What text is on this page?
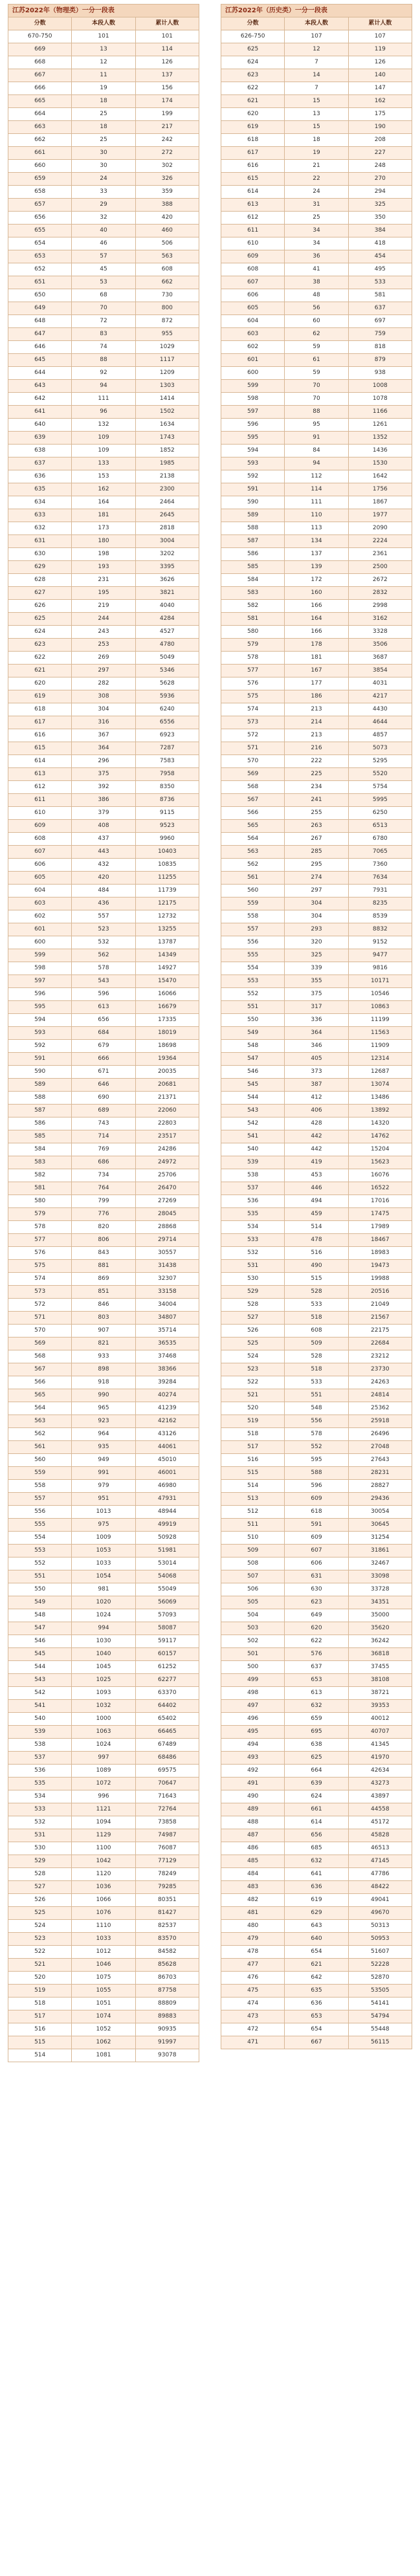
江苏2022年（物理类）一分一段表		
分数	本段人数	累计人数
670-750	101	101
669	13	114
668	12	126
667	11	137
666	19	156
665	18	174
664	25	199
663	18	217
662	25	242
661	30	272
660	30	302
659	24	326
658	33	359
657	29	388
656	32	420
655	40	460
654	46	506
653	57	563
652	45	608
651	53	662
650	68	730
649	70	800
648	72	872
647	83	955
646	74	1029
645	88	1117
644	92	1209
643	94	1303
642	111	1414
641	96	1502
640	132	1634
639	109	1743
638	109	1852
637	133	1985
636	153	2138
635	162	2300
634	164	2464
633	181	2645
632	173	2818
631	180	3004
630	198	3202
629	193	3395
628	231	3626
627	195	3821
626	219	4040
625	244	4284
624	243	4527
623	253	4780
622	269	5049
621	297	5346
620	282	5628
619	308	5936
618	304	6240
617	316	6556
616	367	6923
615	364	7287
614	296	7583
613	375	7958
612	392	8350
611	386	8736
610	379	9115
609	408	9523
608	437	9960
607	443	10403
606	432	10835
605	420	11255
604	484	11739
603	436	12175
602	557	12732
601	523	13255
600	532	13787
599	562	14349
598	578	14927
597	543	15470
596	596	16066
595	613	16679
594	656	17335
593	684	18019
592	679	18698
591	666	19364
590	671	20035
589	646	20681
588	690	21371
587	689	22060
586	743	22803
585	714	23517
584	769	24286
583	686	24972
582	734	25706
581	764	26470
580	799	27269
579	776	28045
578	820	28868
577	806	29714
576	843	30557
575	881	31438
574	869	32307
573	851	33158
572	846	34004
571	803	34807
570	907	35714
569	821	36535
568	933	37468
567	898	38366
566	918	39284
565	990	40274
564	965	41239
563	923	42162
562	964	43126
561	935	44061
560	949	45010
559	991	46001
558	979	46980
557	951	47931
556	1013	48944
555	975	49919
554	1009	50928
553	1053	51981
552	1033	53014
551	1054	54068
550	981	55049
549	1020	56069
548	1024	57093
547	994	58087
546	1030	59117
545	1040	60157
544	1045	61252
543	1025	62277
542	1093	63370
541	1032	64402
540	1000	65402
539	1063	66465
538	1024	67489
537	997	68486
536	1089	69575
535	1072	70647
534	996	71643
533	1121	72764
532	1094	73858
531	1129	74987
530	1100	76087
529	1042	77129
528	1120	78249
527	1036	79285
526	1066	80351
525	1076	81427
524	1110	82537
523	1033	83570
522	1012	84582
521	1046	85628
520	1075	86703
519	1055	87758
518	1051	88809
517	1074	89883
516	1052	90935
515	1062	91997
514	1081	93078
江苏2022年（历史类）一分一段表		
分数	本段人数	累计人数
626-750	107	107
625	12	119
624	7	126
623	14	140
622	7	147
621	15	162
620	13	175
619	15	190
618	18	208
617	19	227
616	21	248
615	22	270
614	24	294
613	31	325
612	25	350
611	34	384
610	34	418
609	36	454
608	41	495
607	38	533
606	48	581
605	56	637
604	60	697
603	62	759
602	59	818
601	61	879
600	59	938
599	70	1008
598	70	1078
597	88	1166
596	95	1261
595	91	1352
594	84	1436
593	94	1530
592	112	1642
591	114	1756
590	111	1867
589	110	1977
588	113	2090
587	134	2224
586	137	2361
585	139	2500
584	172	2672
583	160	2832
582	166	2998
581	164	3162
580	166	3328
579	178	3506
578	181	3687
577	167	3854
576	177	4031
575	186	4217
574	213	4430
573	214	4644
572	213	4857
571	216	5073
570	222	5295
569	225	5520
568	234	5754
567	241	5995
566	255	6250
565	263	6513
564	267	6780
563	285	7065
562	295	7360
561	274	7634
560	297	7931
559	304	8235
558	304	8539
557	293	8832
556	320	9152
555	325	9477
554	339	9816
553	355	10171
552	375	10546
551	317	10863
550	336	11199
549	364	11563
548	346	11909
547	405	12314
546	373	12687
545	387	13074
544	412	13486
543	406	13892
542	428	14320
541	442	14762
540	442	15204
539	419	15623
538	453	16076
537	446	16522
536	494	17016
535	459	17475
534	514	17989
533	478	18467
532	516	18983
531	490	19473
530	515	19988
529	528	20516
528	533	21049
527	518	21567
526	608	22175
525	509	22684
524	528	23212
523	518	23730
522	533	24263
521	551	24814
520	548	25362
519	556	25918
518	578	26496
517	552	27048
516	595	27643
515	588	28231
514	596	28827
513	609	29436
512	618	30054
511	591	30645
510	609	31254
509	607	31861
508	606	32467
507	631	33098
506	630	33728
505	623	34351
504	649	35000
503	620	35620
502	622	36242
501	576	36818
500	637	37455
499	653	38108
498	613	38721
497	632	39353
496	659	40012
495	695	40707
494	638	41345
493	625	41970
492	664	42634
491	639	43273
490	624	43897
489	661	44558
488	614	45172
487	656	45828
486	685	46513
485	632	47145
484	641	47786
483	636	48422
482	619	49041
481	629	49670
480	643	50313
479	640	50953
478	654	51607
477	621	52228
476	642	52870
475	635	53505
474	636	54141
473	653	54794
472	654	55448
471	667	56115
